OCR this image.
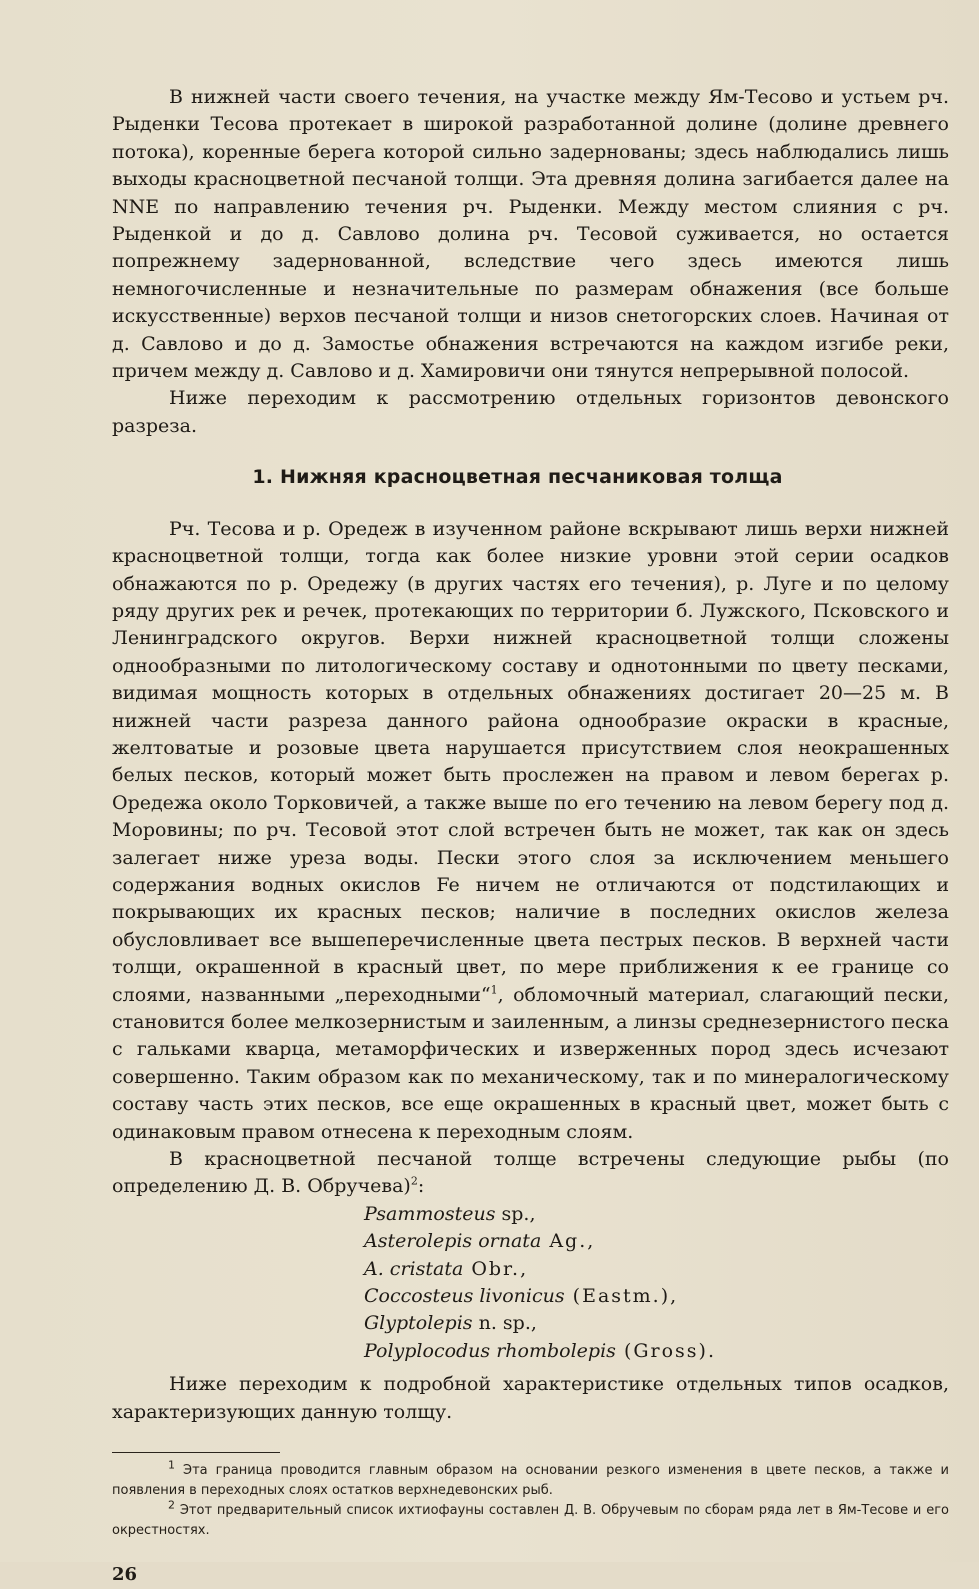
В нижней части своего течения, на участке между Ям-Тесово и устьем рч. Рыденки Тесова протекает в широкой разработанной долине (долине древнего потока), коренные берега которой сильно задернованы; здесь наблюдались лишь выходы красноцветной песчаной толщи. Эта древняя долина загибается далее на NNE по направлению течения рч. Рыденки. Между местом слияния с рч. Рыденкой и до д. Савлово долина рч. Тесовой суживается, но остается попрежнему задернованной, вследствие чего здесь имеются лишь немногочисленные и незначительные по размерам обнажения (все больше искусственные) верхов песчаной толщи и низов снетогорских слоев. Начиная от д. Савлово и до д. Замостье обнажения встречаются на каждом изгибе реки, причем между д. Савлово и д. Хамировичи они тянутся непрерывной полосой.

Ниже переходим к рассмотрению отдельных горизонтов девонского разреза.

1. Нижняя красноцветная песчаниковая толща

Рч. Тесова и р. Оредеж в изученном районе вскрывают лишь верхи нижней красноцветной толщи, тогда как более низкие уровни этой серии осадков обнажаются по р. Оредежу (в других частях его течения), р. Луге и по целому ряду других рек и речек, протекающих по территории б. Лужского, Псковского и Ленинградского округов. Верхи нижней красноцветной толщи сложены однообразными по литологическому составу и однотонными по цвету песками, видимая мощность которых в отдельных обнажениях достигает 20—25 м. В нижней части разреза данного района однообразие окраски в красные, желтоватые и розовые цвета нарушается присутствием слоя неокрашенных белых песков, который может быть прослежен на правом и левом берегах р. Оредежа около Торковичей, а также выше по его течению на левом берегу под д. Моровины; по рч. Тесовой этот слой встречен быть не может, так как он здесь залегает ниже уреза воды. Пески этого слоя за исключением меньшего содержания водных окислов Fe ничем не отличаются от подстилающих и покрывающих их красных песков; наличие в последних окислов железа обусловливает все вышеперечисленные цвета пестрых песков. В верхней части толщи, окрашенной в красный цвет, по мере приближения к ее границе со слоями, названными „переходными“$^1$, обломочный материал, слагающий пески, становится более мелкозернистым и заиленным, а линзы среднезернистого песка с гальками кварца, метаморфических и изверженных пород здесь исчезают совершенно. Таким образом как по механическому, так и по минералогическому составу часть этих песков, все еще окрашенных в красный цвет, может быть с одинаковым правом отнесена к переходным слоям.

В красноцветной песчаной толще встречены следующие рыбы (по определению Д. В. Обручева)$^2$:

Psammosteus sp.,
Asterolepis ornata Ag.,
A. cristata Obr.,
Coccosteus livonicus (Eastm.),
Glyptolepis n. sp.,
Polyplocodus rhombolepis (Gross).

Ниже переходим к подробной характеристике отдельных типов осадков, характеризующих данную толщу.

$^1$ Эта граница проводится главным образом на основании резкого изменения в цвете песков, а также и появления в переходных слоях остатков верхнедевонских рыб.

$^2$ Этот предварительный список ихтиофауны составлен Д. В. Обручевым по сборам ряда лет в Ям-Тесове и его окрестностях.

26
